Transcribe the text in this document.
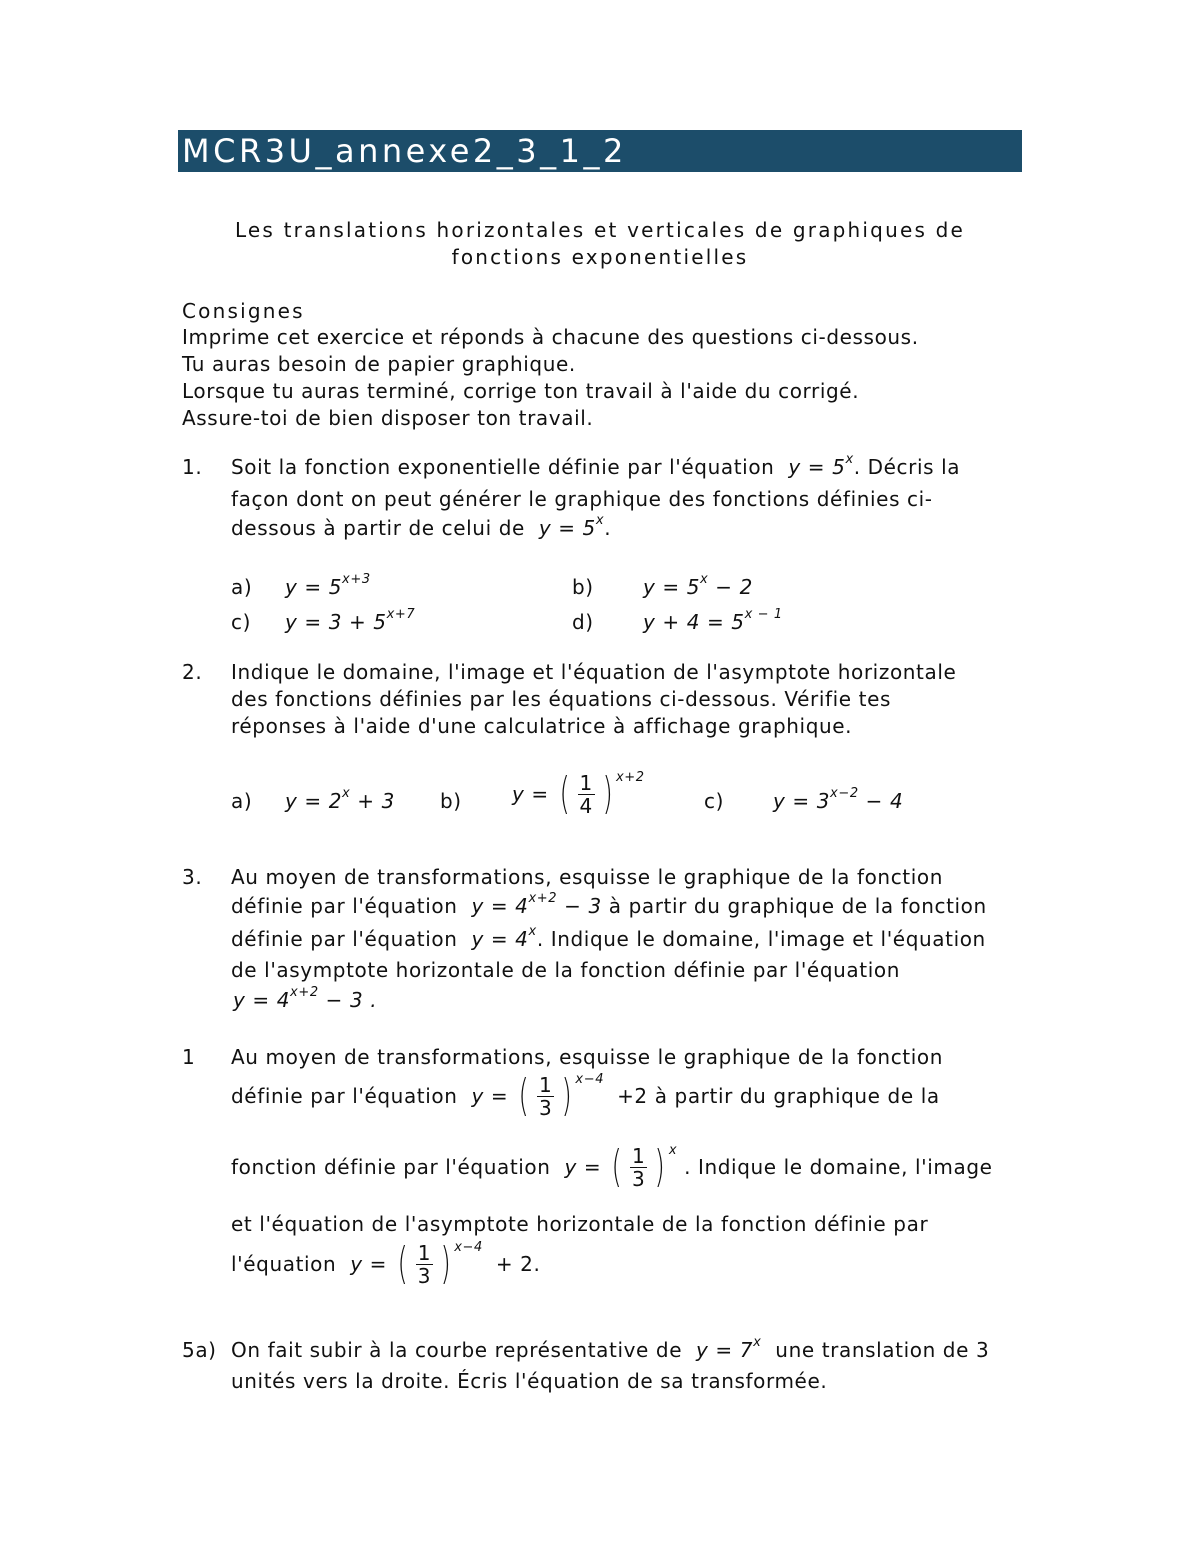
MCR3U_annexe2_3_1_2
Les translations horizontales et verticales de graphiques de
fonctions exponentielles
Consignes
Imprime cet exercice et réponds à chacune des questions ci-dessous.
Tu auras besoin de papier graphique.
Lorsque tu auras terminé, corrige ton travail à l'aide du corrigé.
Assure-toi de bien disposer ton travail.
1. Soit la fonction exponentielle définie par l'équation $y = 5^x$. Décris la
façon dont on peut générer le graphique des fonctions définies ci-
dessous à partir de celui de $y = 5^x$.
a) $y = 5^{x+3}$	b) $y = 5^x - 2$
c) $y = 3 + 5^{x+7}$	d) $y + 4 = 5^{x - 1}$
2. Indique le domaine, l'image et l'équation de l'asymptote horizontale
des fonctions définies par les équations ci-dessous. Vérifie tes
réponses à l'aide d'une calculatrice à affichage graphique.
a) $y = 2^x + 3$ b)	y = ( $\frac{1}{4}$ ) x+2
c) $y = 3^{x-2} - 4$
3. Au moyen de transformations, esquisse le graphique de la fonction
définie par l'équation $y = 4^{x+2} - 3$ à partir du graphique de la fonction
définie par l'équation $y = 4^x$. Indique le domaine, l'image et l'équation
de l'asymptote horizontale de la fonction définie par l'équation
$y = 4^{x+2} - 3$ .
1 Au moyen de transformations, esquisse le graphique de la fonction
définie par l'équation y = ( $\frac{1}{3}$ ) x−4
+2 à partir du graphique de la
fonction définie par l'équation y = ( $\frac{1}{3}$ ) x
. Indique le domaine, l'image
et l'équation de l'asymptote horizontale de la fonction définie par
l'équation y = ( $\frac{1}{3}$ ) x−4
+ 2.
5a) On fait subir à la courbe représentative de $y = 7^x$ une translation de 3
unités vers la droite. Écris l'équation de sa transformée.
